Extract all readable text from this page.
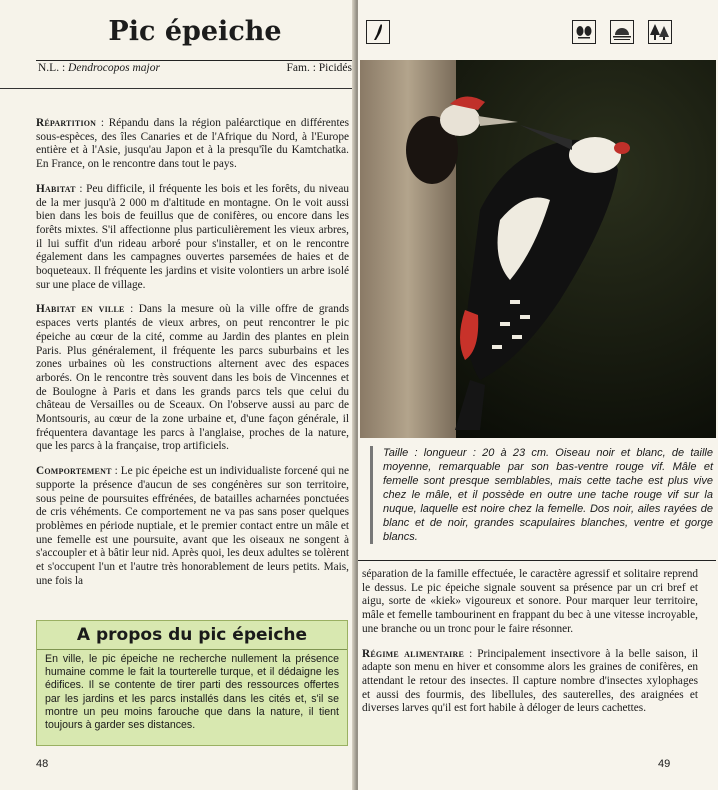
Pic épeiche
N.L. : Dendrocopos major	Fam. : Picidés

Répartition : Répandu dans la région paléarctique en différentes sous-espèces, des îles Canaries et de l'Afrique du Nord, à l'Europe entière et à l'Asie, jusqu'au Japon et à la presqu'île du Kamtchatka. En France, on le rencontre dans tout le pays.

Habitat : Peu difficile, il fréquente les bois et les forêts, du niveau de la mer jusqu'à 2 000 m d'altitude en montagne. On le voit aussi bien dans les bois de feuillus que de conifères, ou encore dans les forêts mixtes. S'il affectionne plus particulièrement les vieux arbres, il lui suffit d'un rideau arboré pour s'installer, et on le rencontre également dans les campagnes ouvertes parsemées de haies et de boqueteaux. Il fréquente les jardins et visite volontiers un arbre isolé sur une place de village.

Habitat en ville : Dans la mesure où la ville offre de grands espaces verts plantés de vieux arbres, on peut rencontrer le pic épeiche au cœur de la cité, comme au Jardin des plantes en plein Paris. Plus généralement, il fréquente les parcs suburbains et les zones urbaines où les constructions alternent avec des espaces arborés. On le rencontre très souvent dans les bois de Vincennes et de Boulogne à Paris et dans les grands parcs tels que celui du château de Versailles ou de Sceaux. On l'observe aussi au parc de Montsouris, au cœur de la zone urbaine et, d'une façon générale, il fréquentera davantage les parcs à l'anglaise, proches de la nature, que les parcs à la française, trop artificiels.

Comportement : Le pic épeiche est un individualiste forcené qui ne supporte la présence d'aucun de ses congénères sur son territoire, sous peine de poursuites effrénées, de batailles acharnées ponctuées de cris véhéments. Ce comportement ne va pas sans poser quelques problèmes en période nuptiale, et le premier contact entre un mâle et une femelle est une poursuite, avant que les oiseaux ne songent à s'accoupler et à bâtir leur nid. Après quoi, les deux adultes se tolèrent et s'occupent l'un et l'autre très honorablement de leurs petits. Mais, une fois la

A propos du pic épeiche
En ville, le pic épeiche ne recherche nullement la présence humaine comme le fait la tourterelle turque, et il dédaigne les édifices. Il se contente de tirer parti des ressources offertes par les jardins et les parcs installés dans les cités et, s'il se montre un peu moins farouche que dans la nature, il tient toujours à garder ses distances.
48
Taille : longueur : 20 à 23 cm. Oiseau noir et blanc, de taille moyenne, remarquable par son bas-ventre rouge vif. Mâle et femelle sont presque semblables, mais cette tache est plus vive chez le mâle, et il possède en outre une tache rouge vif sur la nuque, laquelle est noire chez la femelle. Dos noir, ailes rayées de blanc et de noir, grandes scapulaires blanches, ventre et gorge blancs.

séparation de la famille effectuée, le caractère agressif et solitaire reprend le dessus. Le pic épeiche signale souvent sa présence par un cri bref et aigu, sorte de «kiek» vigoureux et sonore. Pour marquer leur territoire, mâle et femelle tambourinent en frappant du bec à une vitesse incroyable, une branche ou un tronc pour le faire résonner.

Régime alimentaire : Principalement insectivore à la belle saison, il adapte son menu en hiver et consomme alors les graines de conifères, en attendant le retour des insectes. Il capture nombre d'insectes xylophages et aussi des fourmis, des libellules, des sauterelles, des araignées et diverses larves qu'il est fort habile à déloger de leurs cachettes.

49
